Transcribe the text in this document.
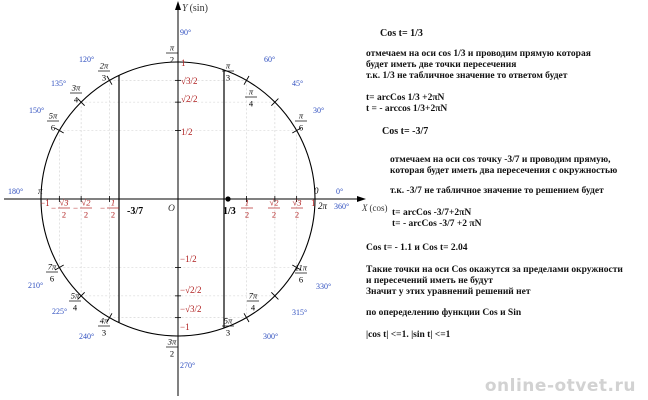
Y (sin)
X (cos)
O	1/3
-3/7
90°
60°
45°
30°
0°
360°
330°
315°
300°
270°
240°
225°
210°
180°
150°
135°
120°
π
2
π
3
π
4
π
6
2π
3
3π
4
5π
6
7π
6
5π
4
4π
3
3π
2
5π
3
7π
4
11π
6
π	0
2π
1
√3/2
√2/2
1/2
−1/2
−√2/2
−√3/2
−1
−1	1
√3
2
−
√2
2
−
1
2
−
1
2
√2
2
√3
2
Cos t= 1/3
отмечаем на оси cos 1/3 и проводим прямую которая
будет иметь две точки пересечения
т.к. 1/3 не табличное значение то ответом будет
t= arcCos 1/3 +2πN
t = - arccos 1/3+2πN
Cos t= -3/7
отмечаем на оси cos точку -3/7 и проводим прямую,
которая будет иметь два пересечения с окружностью
т.к. -3/7 не табличное значение то решением будет
t= arcCos -3/7+2πN
t= - arcCos -3/7 +2 πN
Cos t= - 1.1 и Cos t= 2.04
Такие точки на оси Cos окажутся за пределами окружности
и пересечений иметь не будут
Значит у этих уравнений решений нет
по опеределению функции Cos и Sin
|cos t| <=1. |sin t| <=1
online-otvet.ru
